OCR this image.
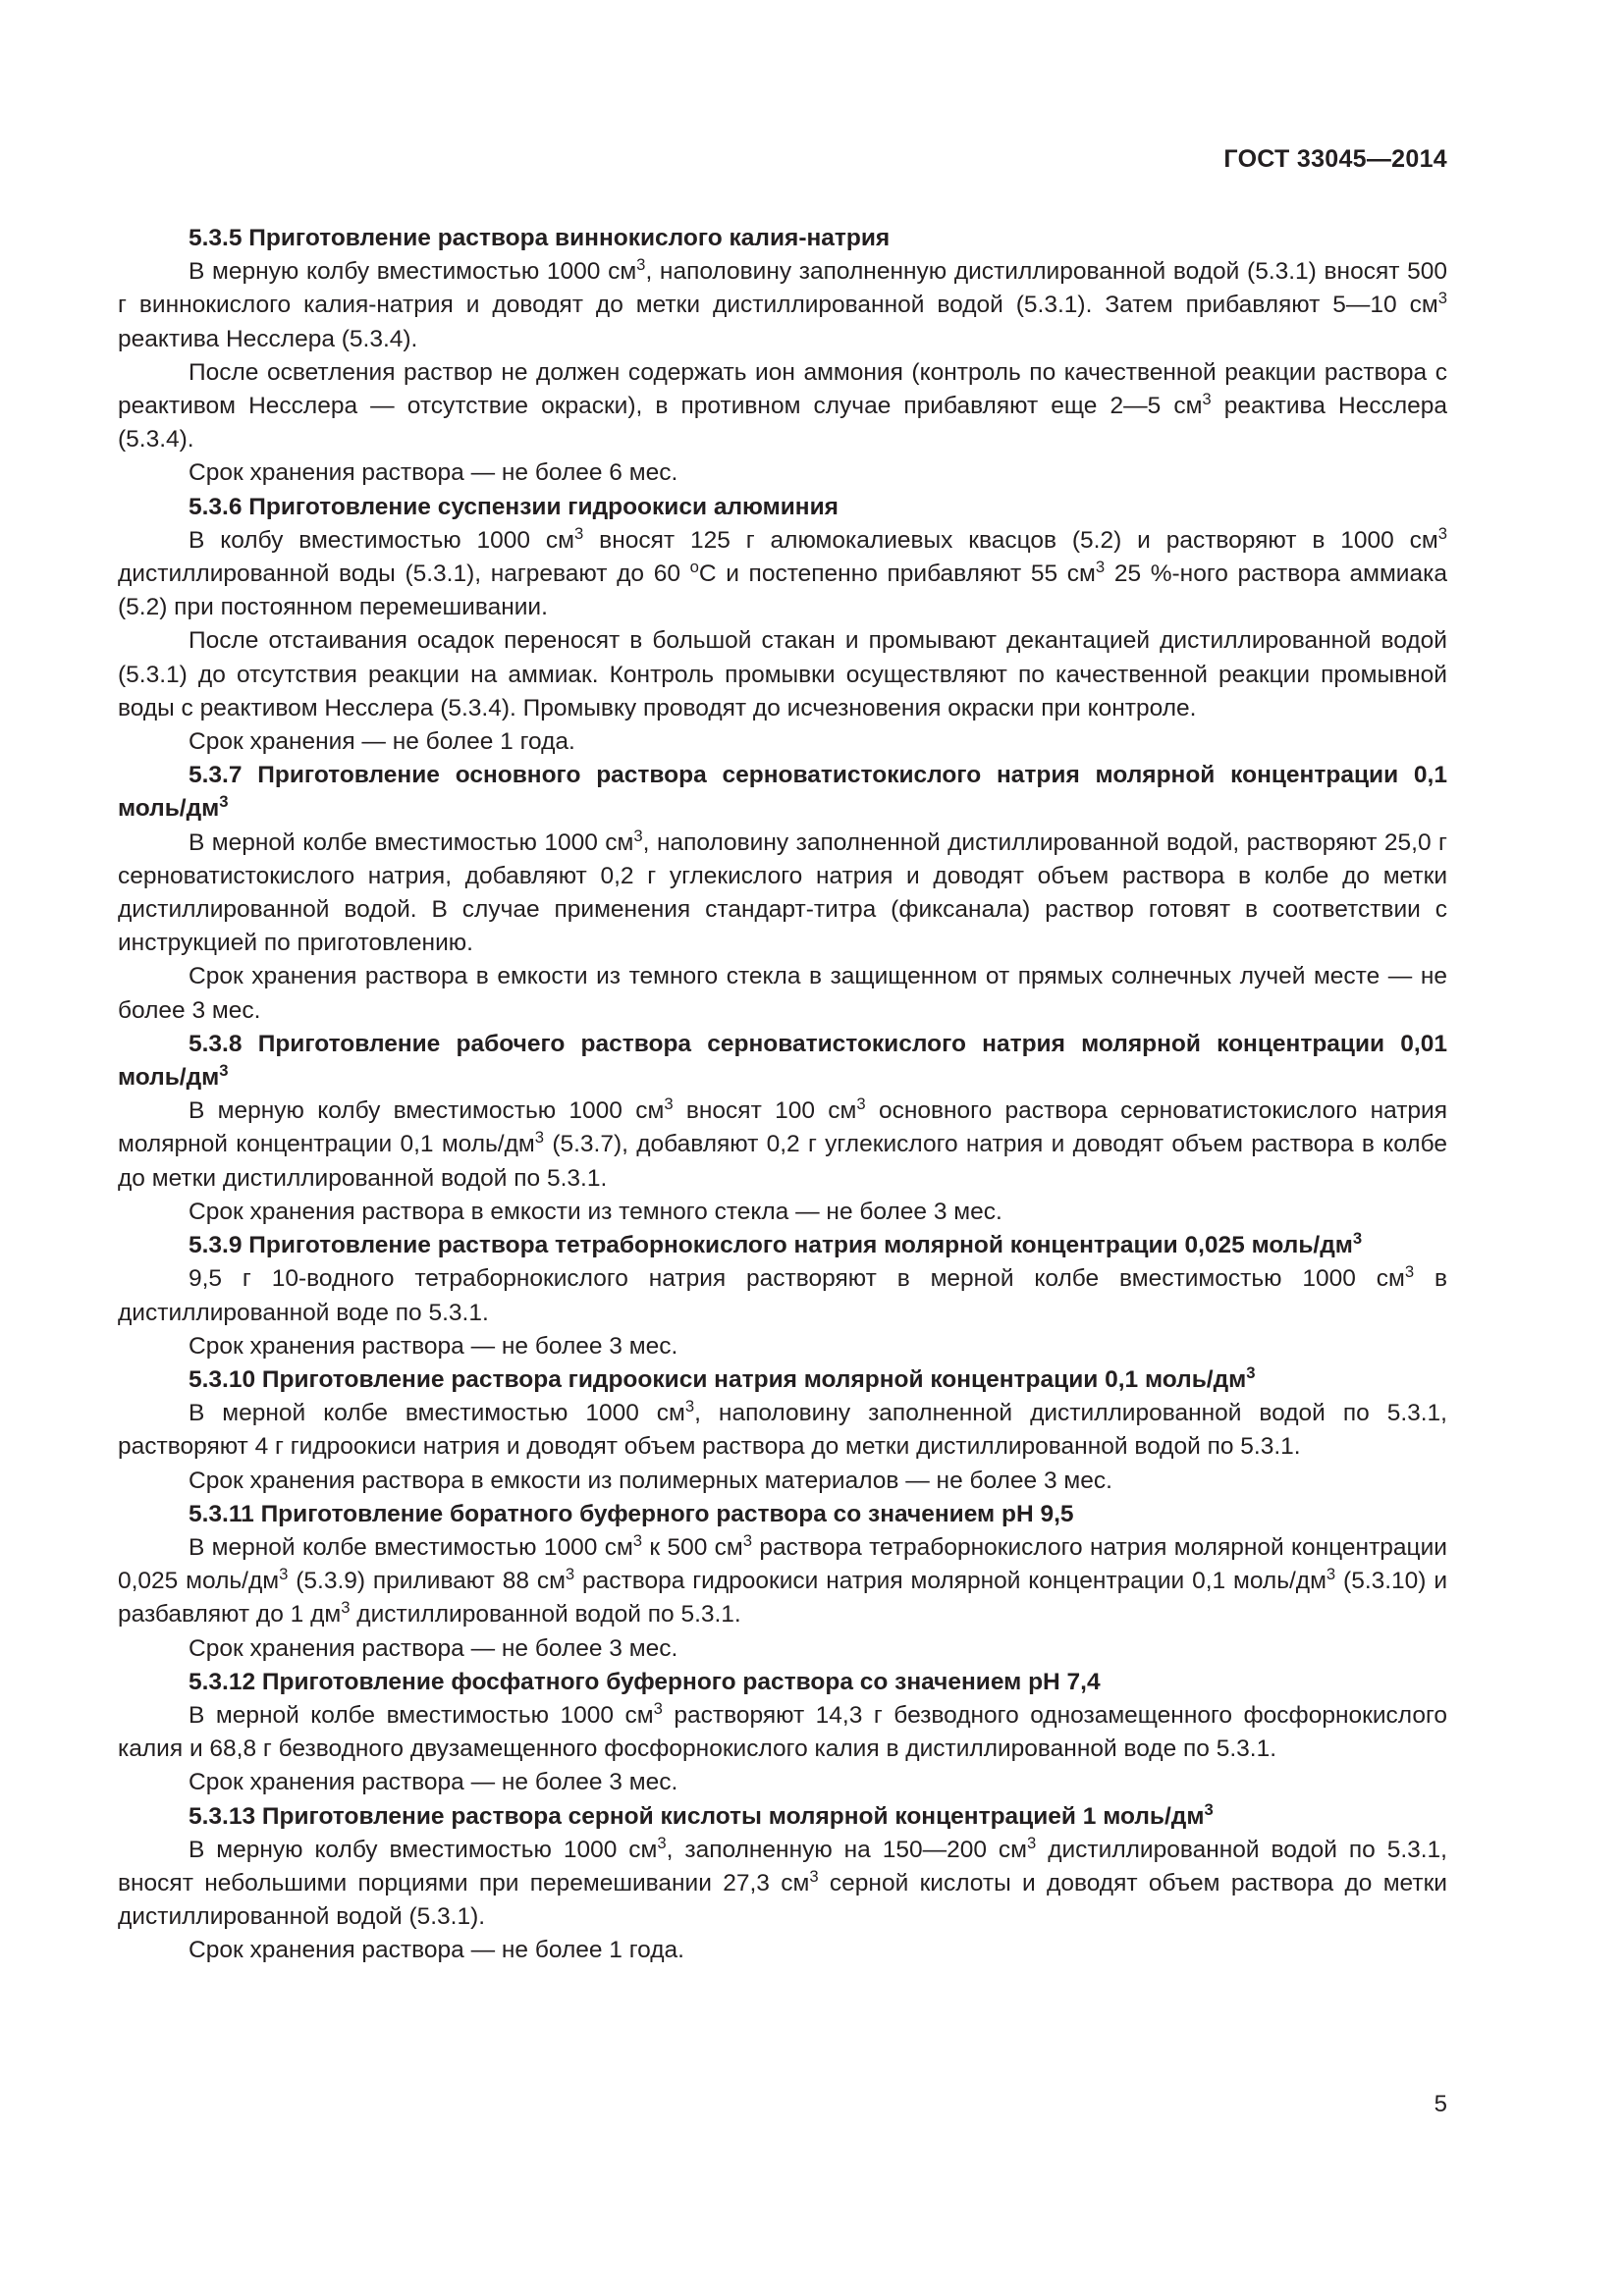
ГОСТ 33045—2014

5.3.5 Приготовление раствора виннокислого калия-натрия

В мерную колбу вместимостью 1000 $см^3$, наполовину заполненную дистиллированной водой (5.3.1) вносят 500 г виннокислого калия-натрия и доводят до метки дистиллированной водой (5.3.1). Затем прибавляют 5—10 $см^3$ реактива Несслера (5.3.4).

После осветления раствор не должен содержать ион аммония (контроль по качественной реакции раствора с реактивом Несслера — отсутствие окраски), в противном случае прибавляют еще 2—5 $см^3$ реактива Несслера (5.3.4).

Срок хранения раствора — не более 6 мес.

5.3.6 Приготовление суспензии гидроокиси алюминия

В колбу вместимостью 1000 $см^3$ вносят 125 г алюмокалиевых квасцов (5.2) и растворяют в 1000 $см^3$ дистиллированной воды (5.3.1), нагревают до 60 $^о$С и постепенно прибавляют 55 $см^3$ 25 %-ного раствора аммиака (5.2) при постоянном перемешивании.

После отстаивания осадок переносят в большой стакан и промывают декантацией дистиллированной водой (5.3.1) до отсутствия реакции на аммиак. Контроль промывки осуществляют по качественной реакции промывной воды с реактивом Несслера (5.3.4). Промывку проводят до исчезновения окраски при контроле.

Срок хранения — не более 1 года.

5.3.7 Приготовление основного раствора серноватистокислого натрия молярной концентрации 0,1 моль/$дм^3$

В мерной колбе вместимостью 1000 $см^3$, наполовину заполненной дистиллированной водой, растворяют 25,0 г серноватистокислого натрия, добавляют 0,2 г углекислого натрия и доводят объем раствора в колбе до метки дистиллированной водой. В случае применения стандарт-титра (фиксанала) раствор готовят в соответствии с инструкцией по приготовлению.

Срок хранения раствора в емкости из темного стекла в защищенном от прямых солнечных лучей месте — не более 3 мес.

5.3.8 Приготовление рабочего раствора серноватистокислого натрия молярной концентрации 0,01 моль/$дм^3$

В мерную колбу вместимостью 1000 $см^3$ вносят 100 $см^3$ основного раствора серноватистокислого натрия молярной концентрации 0,1 моль/$дм^3$ (5.3.7), добавляют 0,2 г углекислого натрия и доводят объем раствора в колбе до метки дистиллированной водой по 5.3.1.

Срок хранения раствора в емкости из темного стекла — не более 3 мес.

5.3.9 Приготовление раствора тетраборнокислого натрия молярной концентрации 0,025 моль/$дм^3$

9,5 г 10-водного тетраборнокислого натрия растворяют в мерной колбе вместимостью 1000 $см^3$ в дистиллированной воде по 5.3.1.

Срок хранения раствора — не более 3 мес.

5.3.10 Приготовление раствора гидроокиси натрия молярной концентрации 0,1 моль/$дм^3$

В мерной колбе вместимостью 1000 $см^3$, наполовину заполненной дистиллированной водой по 5.3.1, растворяют 4 г гидроокиси натрия и доводят объем раствора до метки дистиллированной водой по 5.3.1.

Срок хранения раствора в емкости из полимерных материалов — не более 3 мес.

5.3.11 Приготовление боратного буферного раствора со значением рН 9,5

В мерной колбе вместимостью 1000 $см^3$ к 500 $см^3$ раствора тетраборнокислого натрия молярной концентрации 0,025 моль/$дм^3$ (5.3.9) приливают 88 $см^3$ раствора гидроокиси натрия молярной концентрации 0,1 моль/$дм^3$ (5.3.10) и разбавляют до 1 $дм^3$ дистиллированной водой по 5.3.1.

Срок хранения раствора — не более 3 мес.

5.3.12 Приготовление фосфатного буферного раствора со значением рН 7,4

В мерной колбе вместимостью 1000 $см^3$ растворяют 14,3 г безводного однозамещенного фосфорнокислого калия и 68,8 г безводного двузамещенного фосфорнокислого калия в дистиллированной воде по 5.3.1.

Срок хранения раствора — не более 3 мес.

5.3.13 Приготовление раствора серной кислоты молярной концентрацией 1 моль/$дм^3$

В мерную колбу вместимостью 1000 $см^3$, заполненную на 150—200 $см^3$ дистиллированной водой по 5.3.1, вносят небольшими порциями при перемешивании 27,3 $см^3$ серной кислоты и доводят объем раствора до метки дистиллированной водой (5.3.1).

Срок хранения раствора — не более 1 года.

5
